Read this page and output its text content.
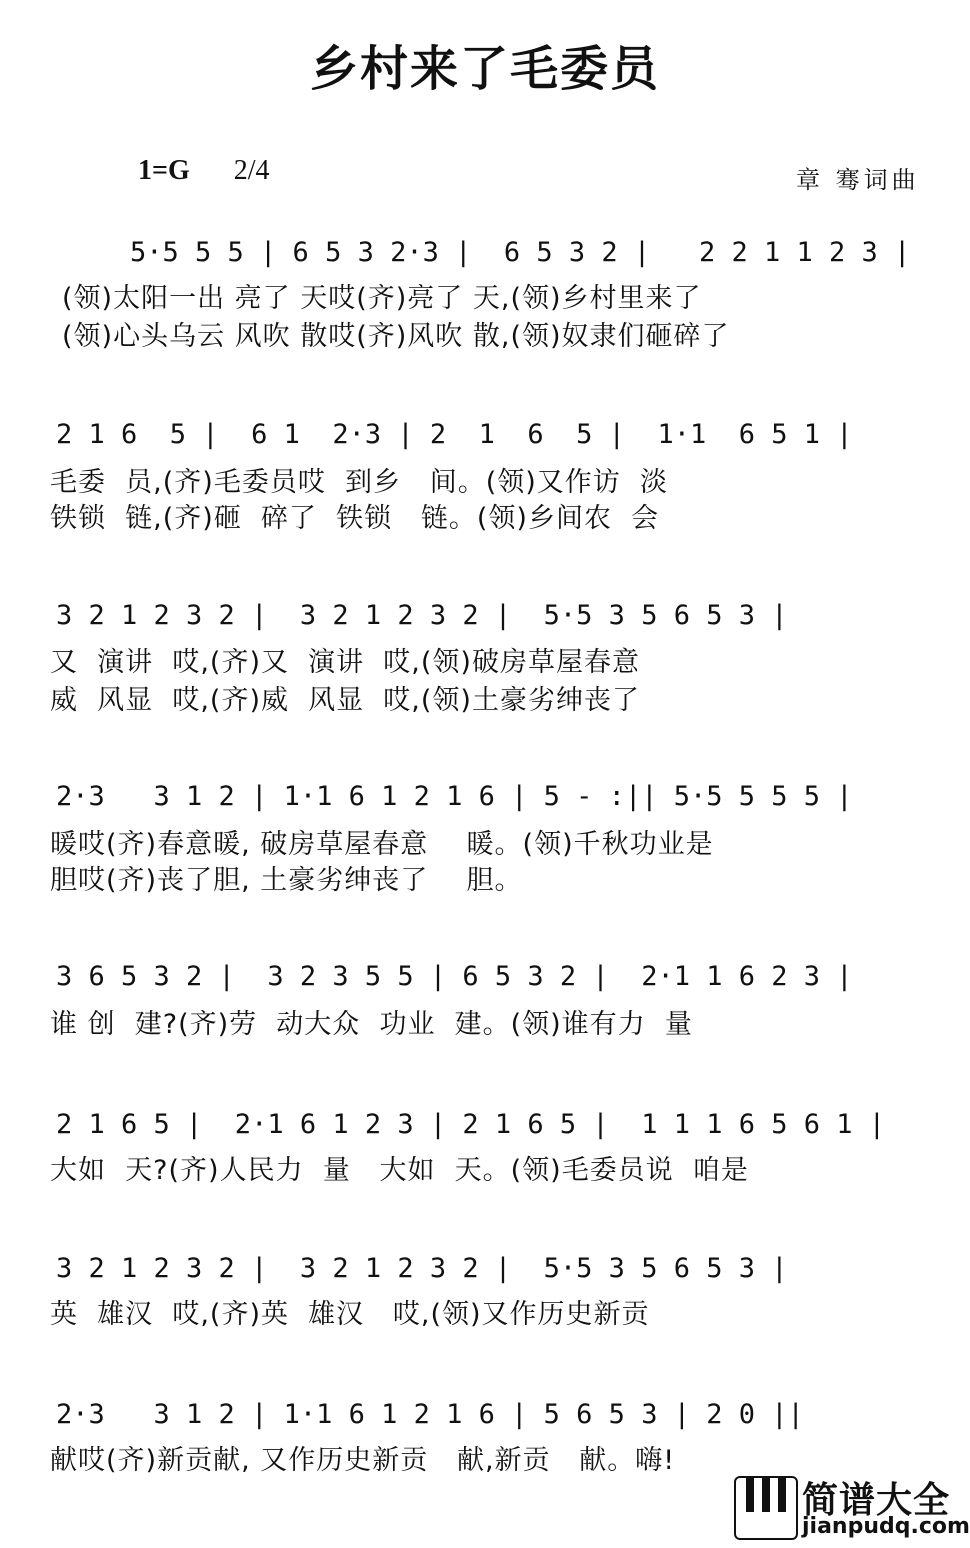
乡村来了毛委员
1=G 2/4	章 骞词曲
5·5 5 5 | 6 5 3 2·3 |  6 5 3 2 |   2 2 1 1 2 3 |
(领)太阳一出 亮了 天哎(齐)亮了 天,(领)乡村里来了
(领)心头乌云 风吹 散哎(齐)风吹 散,(领)奴隶们砸碎了
2 1 6  5 |  6 1  2·3 | 2  1  6  5 |  1·1  6 5 1 |
毛委  员,(齐)毛委员哎  到乡   间。(领)又作访  淡
铁锁  链,(齐)砸  碎了  铁锁   链。(领)乡间农  会
3 2 1 2 3 2 |  3 2 1 2 3 2 |  5·5 3 5 6 5 3 |
又  演讲  哎,(齐)又  演讲  哎,(领)破房草屋春意
威  风显  哎,(齐)威  风显  哎,(领)土豪劣绅丧了
2·3   3 1 2 | 1·1 6 1 2 1 6 | 5 - :|| 5·5 5 5 5 |
暖哎(齐)春意暖, 破房草屋春意    暖。(领)千秋功业是
胆哎(齐)丧了胆, 土豪劣绅丧了    胆。
3 6 5 3 2 |  3 2 3 5 5 | 6 5 3 2 |  2·1 1 6 2 3 |
谁 创  建?(齐)劳  动大众  功业  建。(领)谁有力  量
2 1 6 5 |  2·1 6 1 2 3 | 2 1 6 5 |  1 1 1 6 5 6 1 |
大如  天?(齐)人民力  量   大如  天。(领)毛委员说  咱是
3 2 1 2 3 2 |  3 2 1 2 3 2 |  5·5 3 5 6 5 3 |
英  雄汉  哎,(齐)英  雄汉   哎,(领)又作历史新贡
2·3   3 1 2 | 1·1 6 1 2 1 6 | 5 6 5 3 | 2 0 ||
献哎(齐)新贡献, 又作历史新贡   献,新贡   献。嗨!
简谱大全
jianpudq.com
